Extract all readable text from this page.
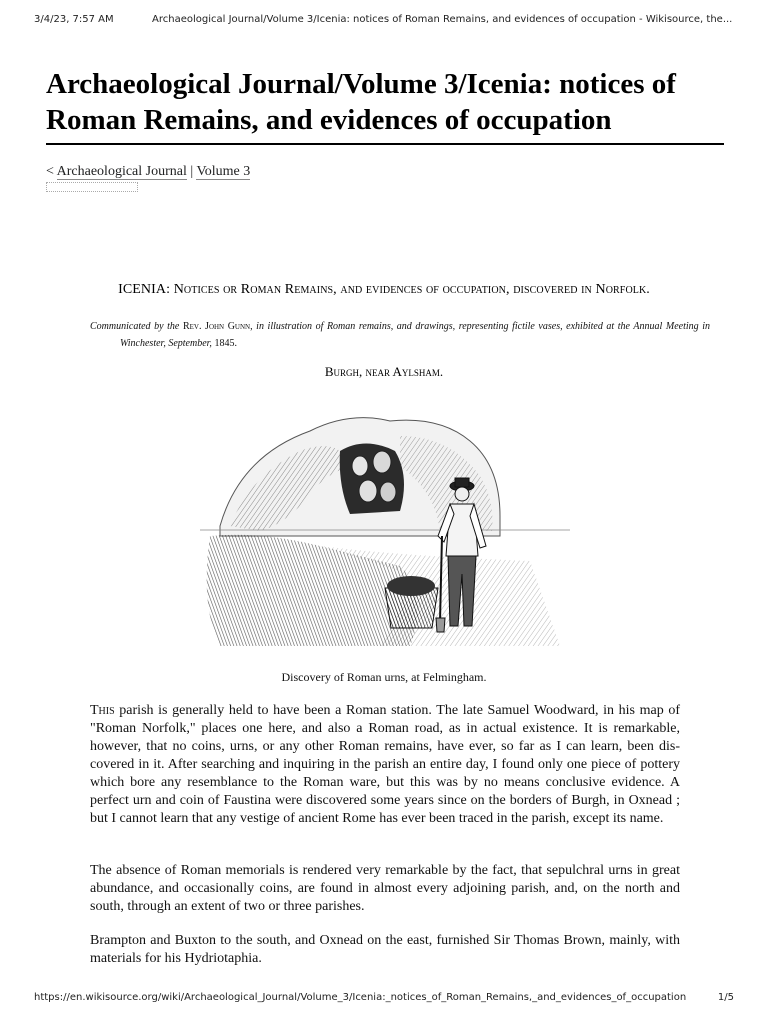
3/4/23, 7:57 AM	Archaeological Journal/Volume 3/Icenia: notices of Roman Remains, and evidences of occupation - Wikisource, the...
Archaeological Journal/Volume 3/Icenia: notices of Roman Remains, and evidences of occupation
< Archaeological Journal | Volume 3
ICENIA: Notices or Roman Remains, and evidences of occupation, discovered in Norfolk.
Communicated by the Rev. John Gunn, in illustration of Roman remains, and drawings, representing fictile vases, exhibited at the Annual Meeting in Winchester, September, 1845.
Burgh, near Aylsham.
Discovery of Roman urns, at Felmingham.

This parish is generally held to have been a Roman station. The late Samuel Woodward, in his map of "Roman Norfolk," places one here, and also a Roman road, as in actual existence. It is remarkable, however, that no coins, urns, or any other Roman remains, have ever, so far as I can learn, been dis- covered in it. After searching and inquiring in the parish an entire day, I found only one piece of pottery which bore any resemblance to the Roman ware, but this was by no means conclusive evidence. A perfect urn and coin of Faustina were discovered some years since on the borders of Burgh, in Oxnead ; but I cannot learn that any vestige of ancient Rome has ever been traced in the parish, except its name.

The absence of Roman memorials is rendered very remarkable by the fact, that sepulchral urns in great abundance, and occasionally coins, are found in almost every adjoining parish, and, on the north and south, through an extent of two or three parishes.

Brampton and Buxton to the south, and Oxnead on the east, furnished Sir Thomas Brown, mainly, with materials for his Hydriotaphia.

https://en.wikisource.org/wiki/Archaeological_Journal/Volume_3/Icenia:_notices_of_Roman_Remains,_and_evidences_of_occupation	1/5
